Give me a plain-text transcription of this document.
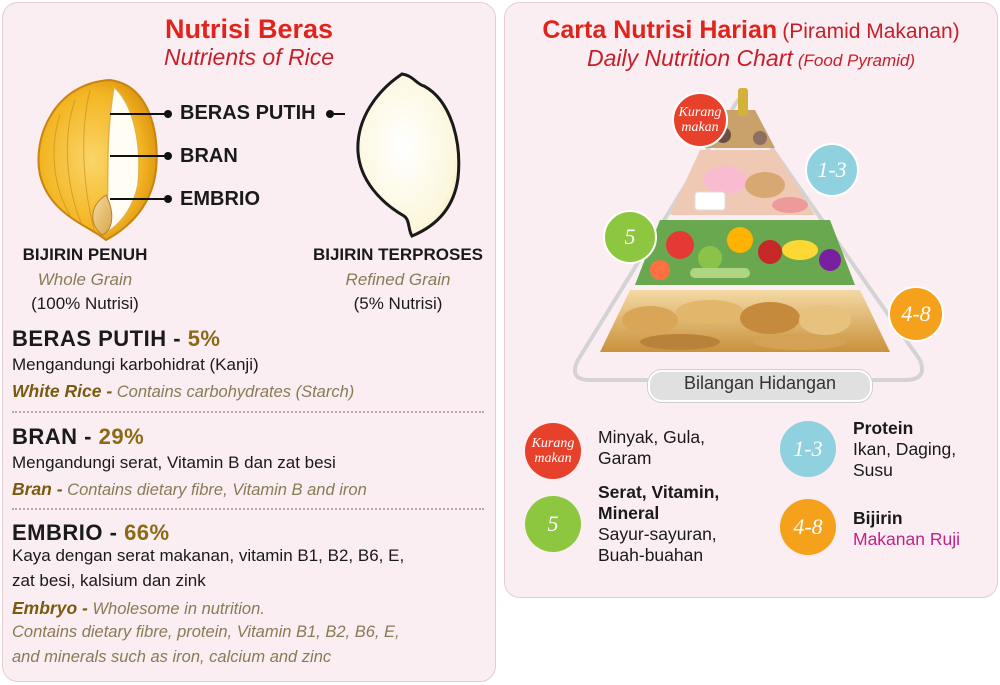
Nutrisi Beras
Nutrients of Rice
BERAS PUTIH
BRAN
EMBRIO
BIJIRIN PENUH
Whole Grain
(100% Nutrisi)
BIJIRIN TERPROSES
Refined Grain
(5% Nutrisi)
BERAS PUTIH - 5%
Mengandungi karbohidrat (Kanji)
White Rice - Contains carbohydrates (Starch)
BRAN - 29%
Mengandungi serat, Vitamin B dan zat besi
Bran - Contains dietary fibre, Vitamin B and iron
EMBRIO - 66%
Kaya dengan serat makanan, vitamin B1, B2, B6, E,
zat besi, kalsium dan zink
Embryo - Wholesome in nutrition.
Contains dietary fibre, protein, Vitamin B1, B2, B6, E,
and minerals such as iron, calcium and zinc
Carta Nutrisi Harian (Piramid Makanan)
Daily Nutrition Chart (Food Pyramid)
Kurang
makan
1-3
5
4-8
Bilangan Hidangan
Kurang
makan
Minyak, Gula,
Garam	1-3
Protein
Ikan, Daging,
Susu
5
Serat, Vitamin,
Mineral
Sayur-sayuran,
Buah-buahan
4-8	Bijirin
Makanan Ruji
